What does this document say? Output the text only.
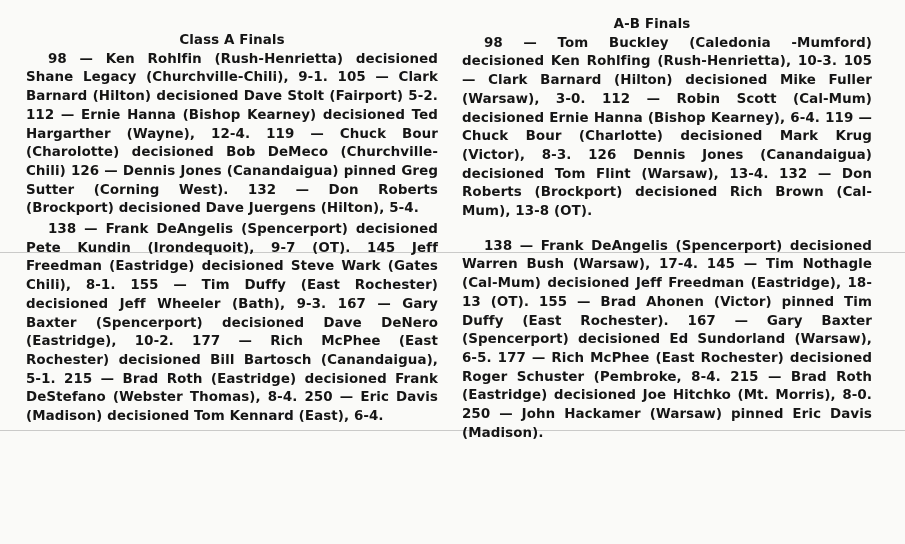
Class A Finals

98 — Ken Rohlfin (Rush-Henrietta) decisioned Shane Legacy (Churchville-Chili), 9-1. 105 — Clark Barnard (Hilton) decisioned Dave Stolt (Fairport) 5-2. 112 — Ernie Hanna (Bishop Kearney) decisioned Ted Hargarther (Wayne), 12-4. 119 — Chuck Bour (Charolotte) decisioned Bob DeMeco (Churchville-Chili) 126 — Dennis Jones (Canandaigua) pinned Greg Sutter (Corning West). 132 — Don Roberts (Brockport) decisioned Dave Juergens (Hilton), 5-4.

138 — Frank DeAngelis (Spencerport) decisioned Pete Kundin (Irondequoit), 9-7 (OT). 145 Jeff Freedman (Eastridge) decisioned Steve Wark (Gates Chili), 8-1. 155 — Tim Duffy (East Rochester) decisioned Jeff Wheeler (Bath), 9-3. 167 — Gary Baxter (Spencerport) decisioned Dave DeNero (Eastridge), 10-2. 177 — Rich McPhee (East Rochester) decisioned Bill Bartosch (Canandaigua), 5-1. 215 — Brad Roth (Eastridge) decisioned Frank DeStefano (Webster Thomas), 8-4. 250 — Eric Davis (Madison) decisioned Tom Kennard (East), 6-4.

A-B Finals

98 — Tom Buckley (Caledonia -Mumford) decisioned Ken Rohlfing (Rush-Henrietta), 10-3. 105 — Clark Barnard (Hilton) decisioned Mike Fuller (Warsaw), 3-0. 112 — Robin Scott (Cal-Mum) decisioned Ernie Hanna (Bishop Kearney), 6-4. 119 — Chuck Bour (Charlotte) decisioned Mark Krug (Victor), 8-3. 126 Dennis Jones (Canandaigua) decisioned Tom Flint (Warsaw), 13-4. 132 — Don Roberts (Brockport) decisioned Rich Brown (Cal-Mum), 13-8 (OT).

138 — Frank DeAngelis (Spencerport) decisioned Warren Bush (Warsaw), 17-4. 145 — Tim Nothagle (Cal-Mum) decisioned Jeff Freedman (Eastridge), 18-13 (OT). 155 — Brad Ahonen (Victor) pinned Tim Duffy (East Rochester). 167 — Gary Baxter (Spencerport) decisioned Ed Sundorland (Warsaw), 6-5. 177 — Rich McPhee (East Rochester) decisioned Roger Schuster (Pembroke, 8-4. 215 — Brad Roth (Eastridge) decisioned Joe Hitchko (Mt. Morris), 8-0. 250 — John Hackamer (Warsaw) pinned Eric Davis (Madison).
